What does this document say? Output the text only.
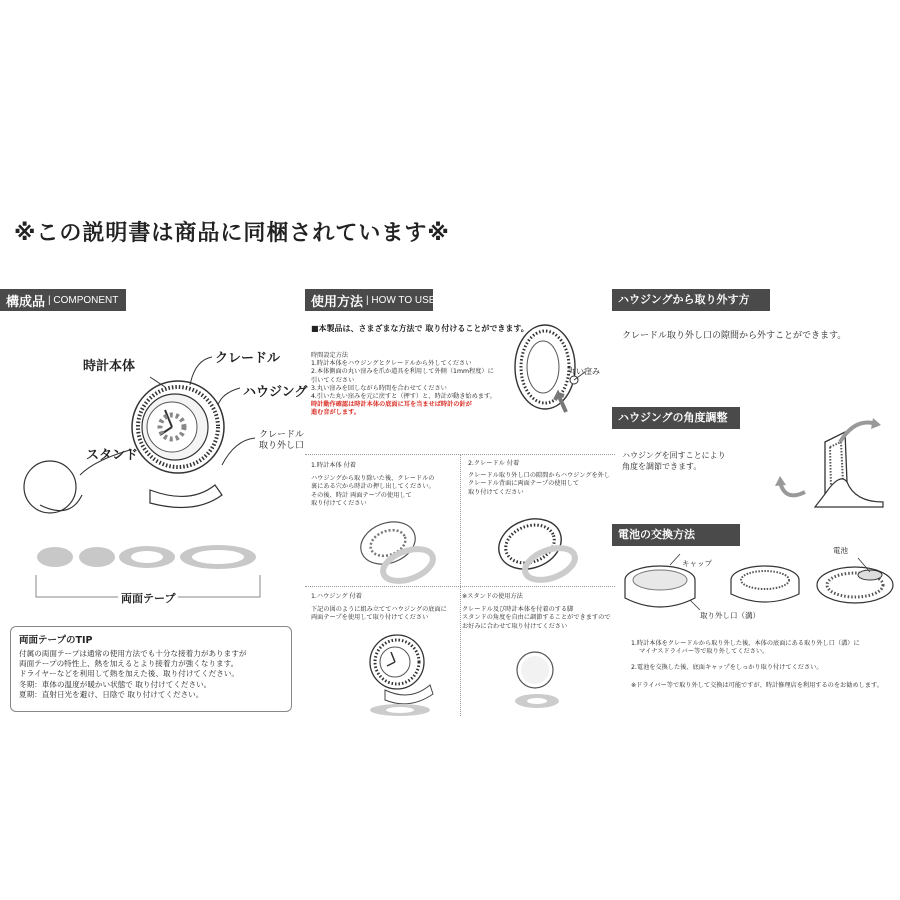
※この説明書は商品に同梱されています※
構成品 | COMPONENT
時計本体
クレードル
ハウジング
クレードル
取り外し口
スタンド
両面テープ
両面テープのTIP
付属の両面テープは通常の使用方法でも十分な接着力がありますが
両面テープの特性上、熱を加えるとより接着力が強くなります。
ドライヤーなどを利用して熱を加えた後、取り付けてください。
冬期：車体の温度が暖かい状態で 取り付けてください。
夏期：直射日光を避け、日陰で 取り付けてください。
使用方法 | HOW TO USE
■本製品は、さまざまな方法で 取り付けることができます。
時間設定方法
1.時計本体をハウジングとクレードルから外してください
2.本体側面の丸い窪みを爪か道具を利用して外側（1mm程度）に
引いてください
3.丸い窪みを回しながら時間を合わせてください
4.引いた丸い窪みを元に戻すと（押す）と、時計が動き始めます。
時計動作確認は時計本体の底面に耳を当ませば時計の針が
進む音がします。
丸い窪み
1.時計本体 付着
ハウジングから取り除いた後、クレードルの
裏にある穴から時計の押し出してください。
その後、時計 両面テープの使用して
取り付けてください
2.クレードル 付着
クレードル取り外し口の隙間からハウジングを外し
クレードル背面に両面テープの使用して
取り付けてください
1.ハウジング 付着
下記の図のように組み立ててハウジングの底面に
両面テープを使用して取り付けてください
※スタンドの使用方法
クレードル及び時計本体を付着のする脚
スタンドの角度を自由に調節することができますので
お好みに合わせて取り付けてください
ハウジングから取り外す方
クレードル取り外し口の隙間から外すことができます。
ハウジングの角度調整
ハウジングを回すことにより
角度を調節できます。
電池の交換方法
キャップ
取り外し口（溝）
電池
1.時計本体をクレードルから取り外した後、本体の底面にある取り外し口（溝）に
マイナスドライバー等で取り外してください。
2.電池を交換した後、底面キャップをしっかり取り付けてください。
※ドライバー等で取り外して交換は可能ですが、時計修理店を利用するのをお勧めします。
